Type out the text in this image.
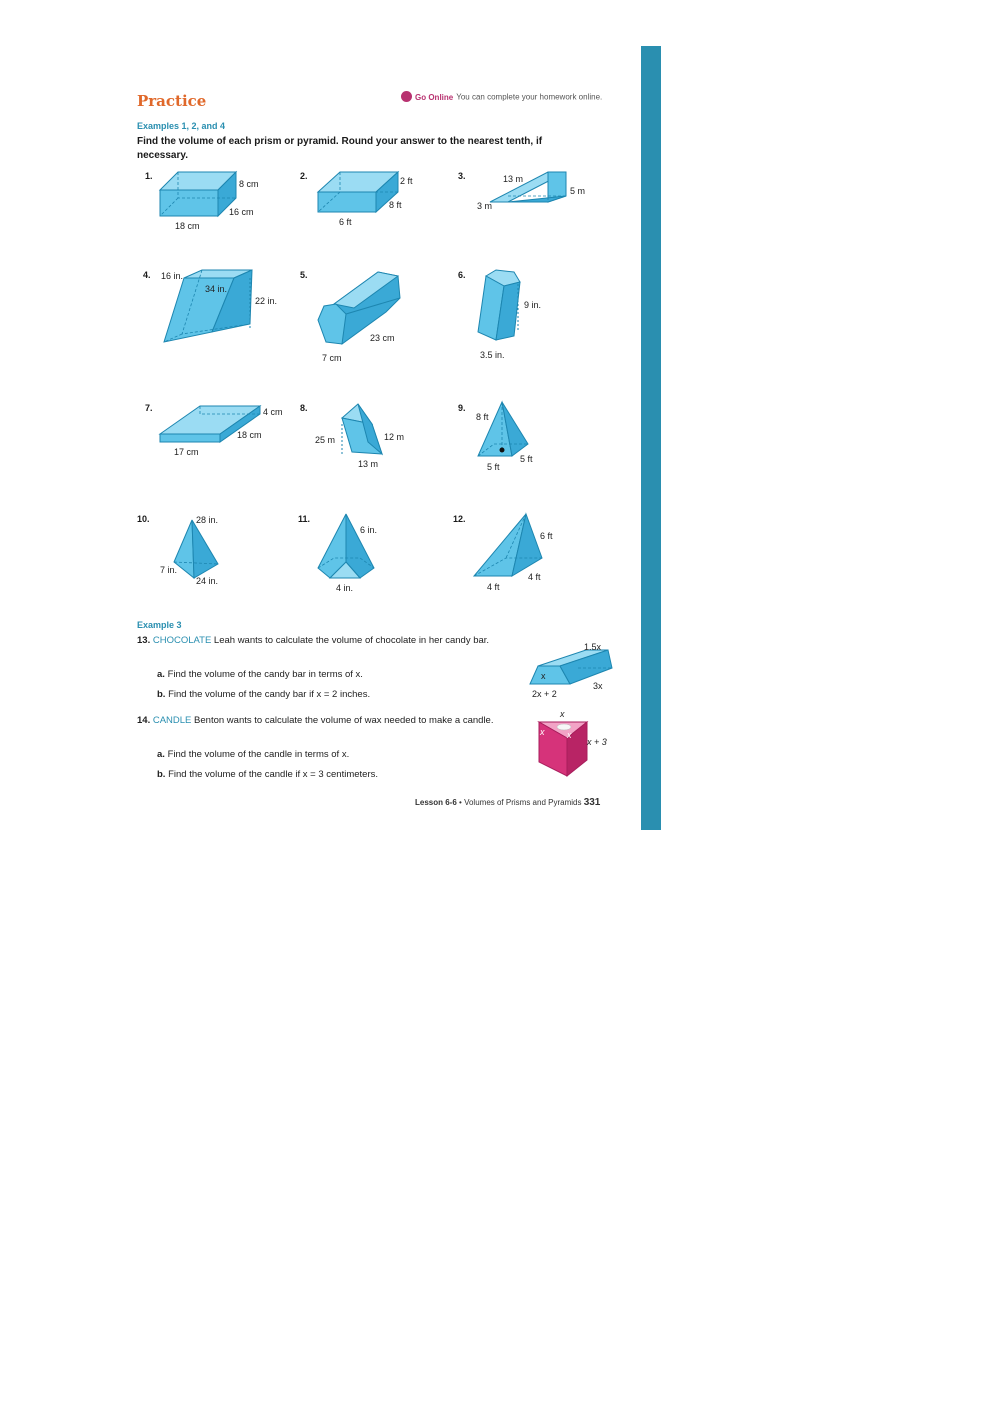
Practice	Go Online You can complete your homework online.
Examples 1, 2, and 4
Find the volume of each prism or pyramid. Round your answer to the nearest tenth, if necessary.
1.
8 cm
16 cm
18 cm
2.	2 ft
8 ft
6 ft
3.	13 m
5 m
3 m
4. 16 in.
34 in.
22 in.
5.
23 cm
7 cm
6.
9 in.
3.5 in.
7.	4 cm
18 cm
17 cm
8.
25 m	12 m
13 m
9.
8 ft
5 ft
5 ft
10.	28 in.
7 in.
24 in.
11.
6 in.
4 in.
12.
6 ft
4 ft
4 ft
Example 3
13. CHOCOLATE Leah wants to calculate the volume of chocolate in her candy bar.
a. Find the volume of the candy bar in terms of x.
b. Find the volume of the candy bar if x = 2 inches.
1.5x
3x
2x + 2
x
14. CANDLE Benton wants to calculate the volume of wax needed to make a candle.
a. Find the volume of the candle in terms of x.
b. Find the volume of the candle if x = 3 centimeters.
x
x	x
x + 3
Lesson 6-6 • Volumes of Prisms and Pyramids 331
